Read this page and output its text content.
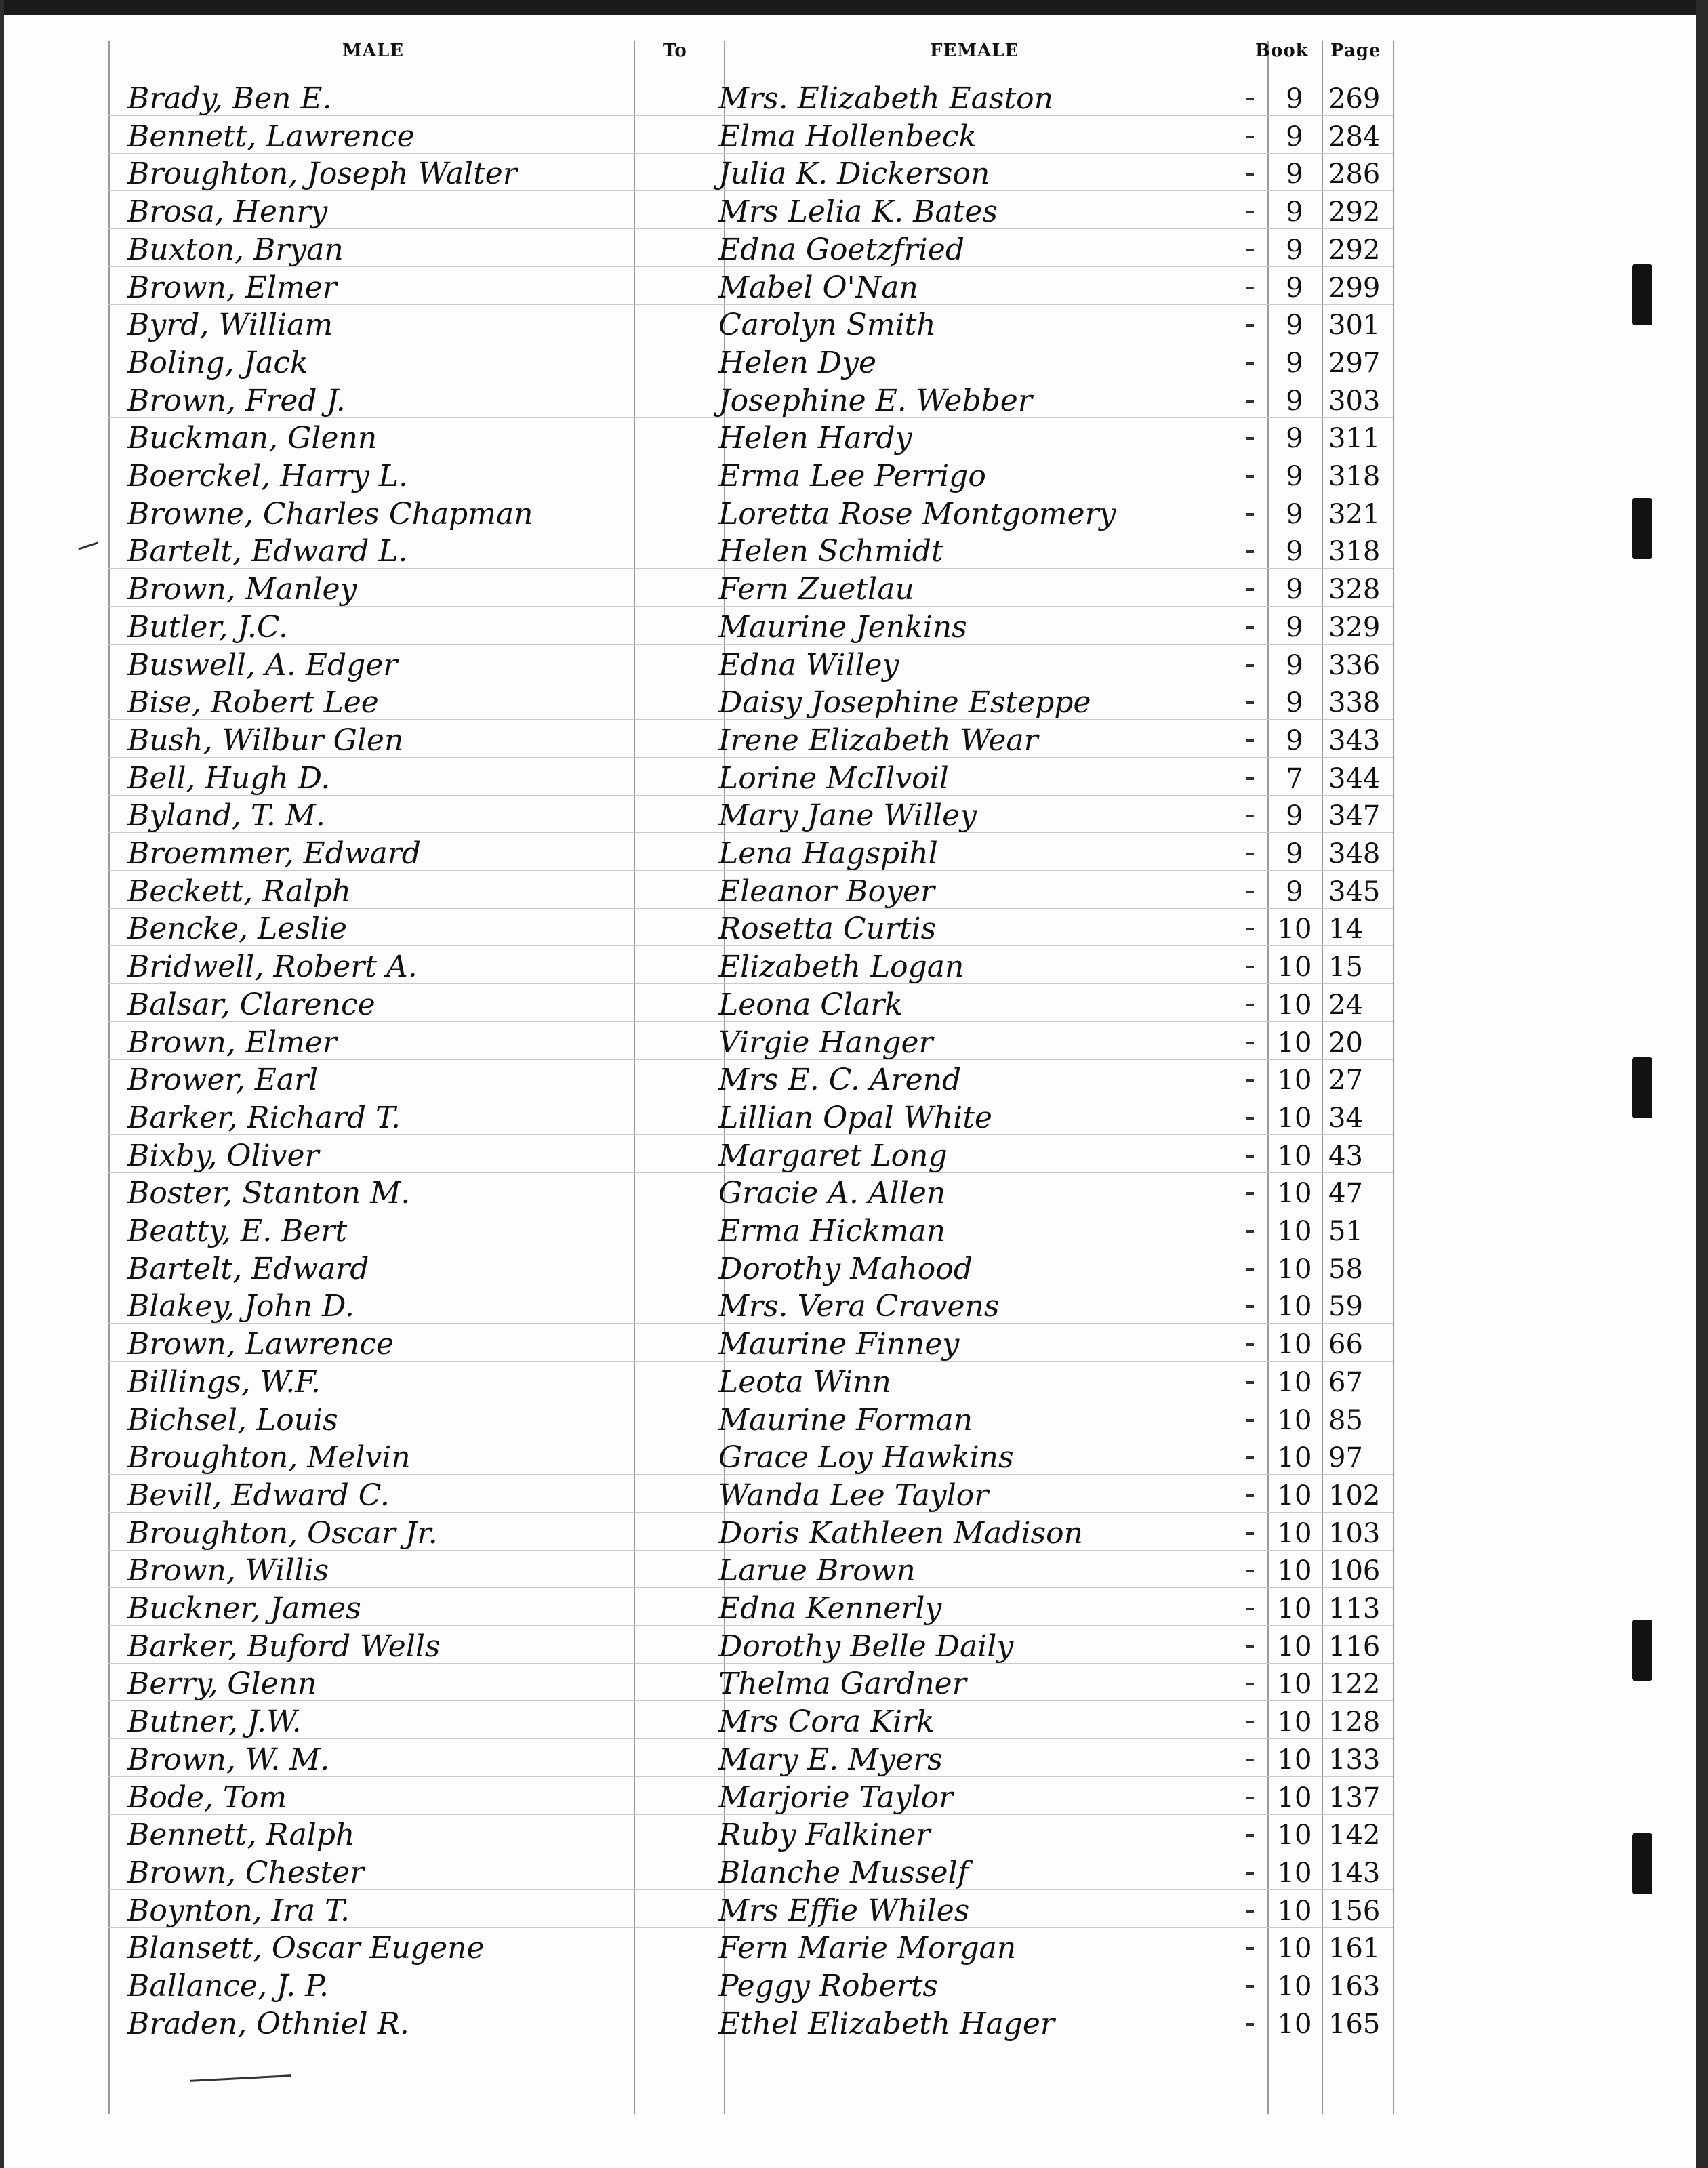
MALE	To	FEMALE	Book Page
Brady, Ben E.	Mrs. Elizabeth Easton	9 269
Bennett, Lawrence	Elma Hollenbeck	9 284
Broughton, Joseph Walter	Julia K. Dickerson	9 286
Brosa, Henry	Mrs Lelia K. Bates	9 292
Buxton, Bryan	Edna Goetzfried	9 292
Brown, Elmer	Mabel O'Nan	9 299
Byrd, William	Carolyn Smith	9 301
Boling, Jack	Helen Dye	9 297
Brown, Fred J.	Josephine E. Webber	9 303
Buckman, Glenn	Helen Hardy	9 311
Boerckel, Harry L.	Erma Lee Perrigo	9 318
Browne, Charles Chapman	Loretta Rose Montgomery	9 321
Bartelt, Edward L.	Helen Schmidt	9 318
Brown, Manley	Fern Zuetlau	9 328
Butler, J.C.	Maurine Jenkins	9 329
Buswell, A. Edger	Edna Willey	9 336
Bise, Robert Lee	Daisy Josephine Esteppe	9 338
Bush, Wilbur Glen	Irene Elizabeth Wear	9 343
Bell, Hugh D.	Lorine McIlvoil	7 344
Byland, T. M.	Mary Jane Willey	9 347
Broemmer, Edward	Lena Hagspihl	9 348
Beckett, Ralph	Eleanor Boyer	9 345
Bencke, Leslie	Rosetta Curtis	10 14
Bridwell, Robert A.	Elizabeth Logan	10 15
Balsar, Clarence	Leona Clark	10 24
Brown, Elmer	Virgie Hanger	10 20
Brower, Earl	Mrs E. C. Arend	10 27
Barker, Richard T.	Lillian Opal White	10 34
Bixby, Oliver	Margaret Long	10 43
Boster, Stanton M.	Gracie A. Allen	10 47
Beatty, E. Bert	Erma Hickman	10 51
Bartelt, Edward	Dorothy Mahood	10 58
Blakey, John D.	Mrs. Vera Cravens	10 59
Brown, Lawrence	Maurine Finney	10 66
Billings, W.F.	Leota Winn	10 67
Bichsel, Louis	Maurine Forman	10 85
Broughton, Melvin	Grace Loy Hawkins	10 97
Bevill, Edward C.	Wanda Lee Taylor	10 102
Broughton, Oscar Jr.	Doris Kathleen Madison	10 103
Brown, Willis	Larue Brown	10 106
Buckner, James	Edna Kennerly	10 113
Barker, Buford Wells	Dorothy Belle Daily	10 116
Berry, Glenn	Thelma Gardner	10 122
Butner, J.W.	Mrs Cora Kirk	10 128
Brown, W. M.	Mary E. Myers	10 133
Bode, Tom	Marjorie Taylor	10 137
Bennett, Ralph	Ruby Falkiner	10 142
Brown, Chester	Blanche Musself	10 143
Boynton, Ira T.	Mrs Effie Whiles	10 156
Blansett, Oscar Eugene	Fern Marie Morgan	10 161
Ballance, J. P.	Peggy Roberts	10 163
Braden, Othniel R.	Ethel Elizabeth Hager	10 165
